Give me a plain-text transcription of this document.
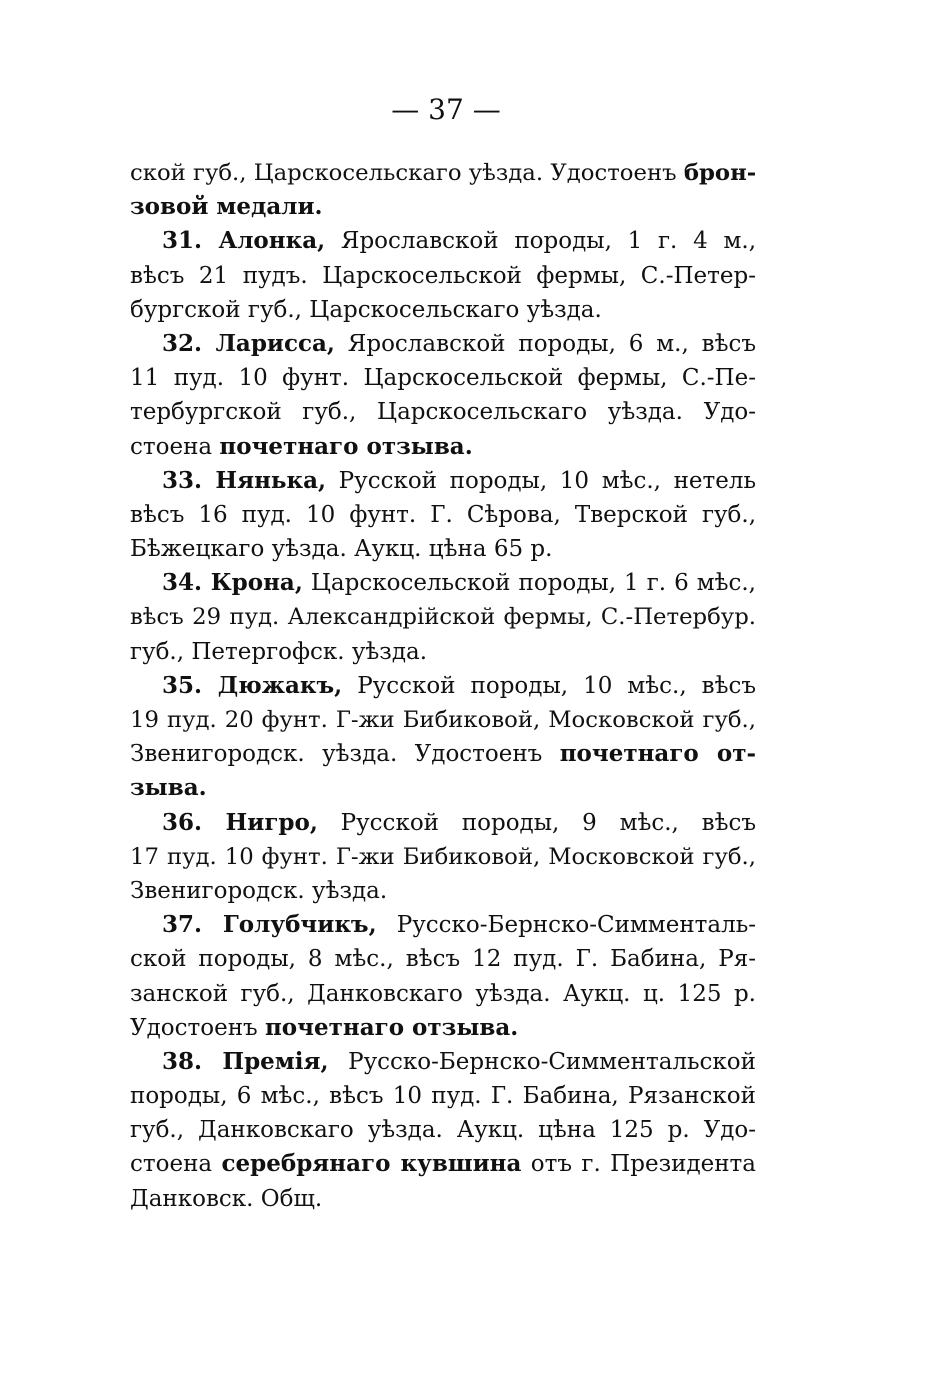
— 37 —
ской губ., Царскосельскаго уѣзда. Удостоенъ брон-
зовой медали.
31. Алонка, Ярославской породы, 1 г. 4 м.,
вѣсъ 21 пудъ. Царскосельской фермы, С.-Петер-
бургской губ., Царскосельскаго уѣзда.
32. Ларисса, Ярославской породы, 6 м., вѣсъ
11 пуд. 10 фунт. Царскосельской фермы, С.-Пе-
тербургской губ., Царскосельскаго уѣзда. Удо-
стоена почетнаго отзыва.
33. Нянька, Русской породы, 10 мѣс., нетель
вѣсъ 16 пуд. 10 фунт. Г. Сѣрова, Тверской губ.,
Бѣжецкаго уѣзда. Аукц. цѣна 65 р.
34. Крона, Царскосельской породы, 1 г. 6 мѣс.,
вѣсъ 29 пуд. Александрiйской фермы, С.-Петербур.
губ., Петергофск. уѣзда.
35. Дюжакъ, Русской породы, 10 мѣс., вѣсъ
19 пуд. 20 фунт. Г-жи Бибиковой, Московской губ.,
Звенигородск. уѣзда. Удостоенъ почетнаго от-
зыва.
36. Нигро, Русской породы, 9 мѣс., вѣсъ
17 пуд. 10 фунт. Г-жи Бибиковой, Московской губ.,
Звенигородск. уѣзда.
37. Голубчикъ, Русско-Бернско-Симменталь-
ской породы, 8 мѣс., вѣсъ 12 пуд. Г. Бабина, Ря-
занской губ., Данковскаго уѣзда. Аукц. ц. 125 р.
Удостоенъ почетнаго отзыва.
38. Премiя, Русско-Бернско-Симментальской
породы, 6 мѣс., вѣсъ 10 пуд. Г. Бабина, Рязанской
губ., Данковскаго уѣзда. Аукц. цѣна 125 р. Удо-
стоена серебрянаго кувшина отъ г. Президента
Данковск. Общ.
